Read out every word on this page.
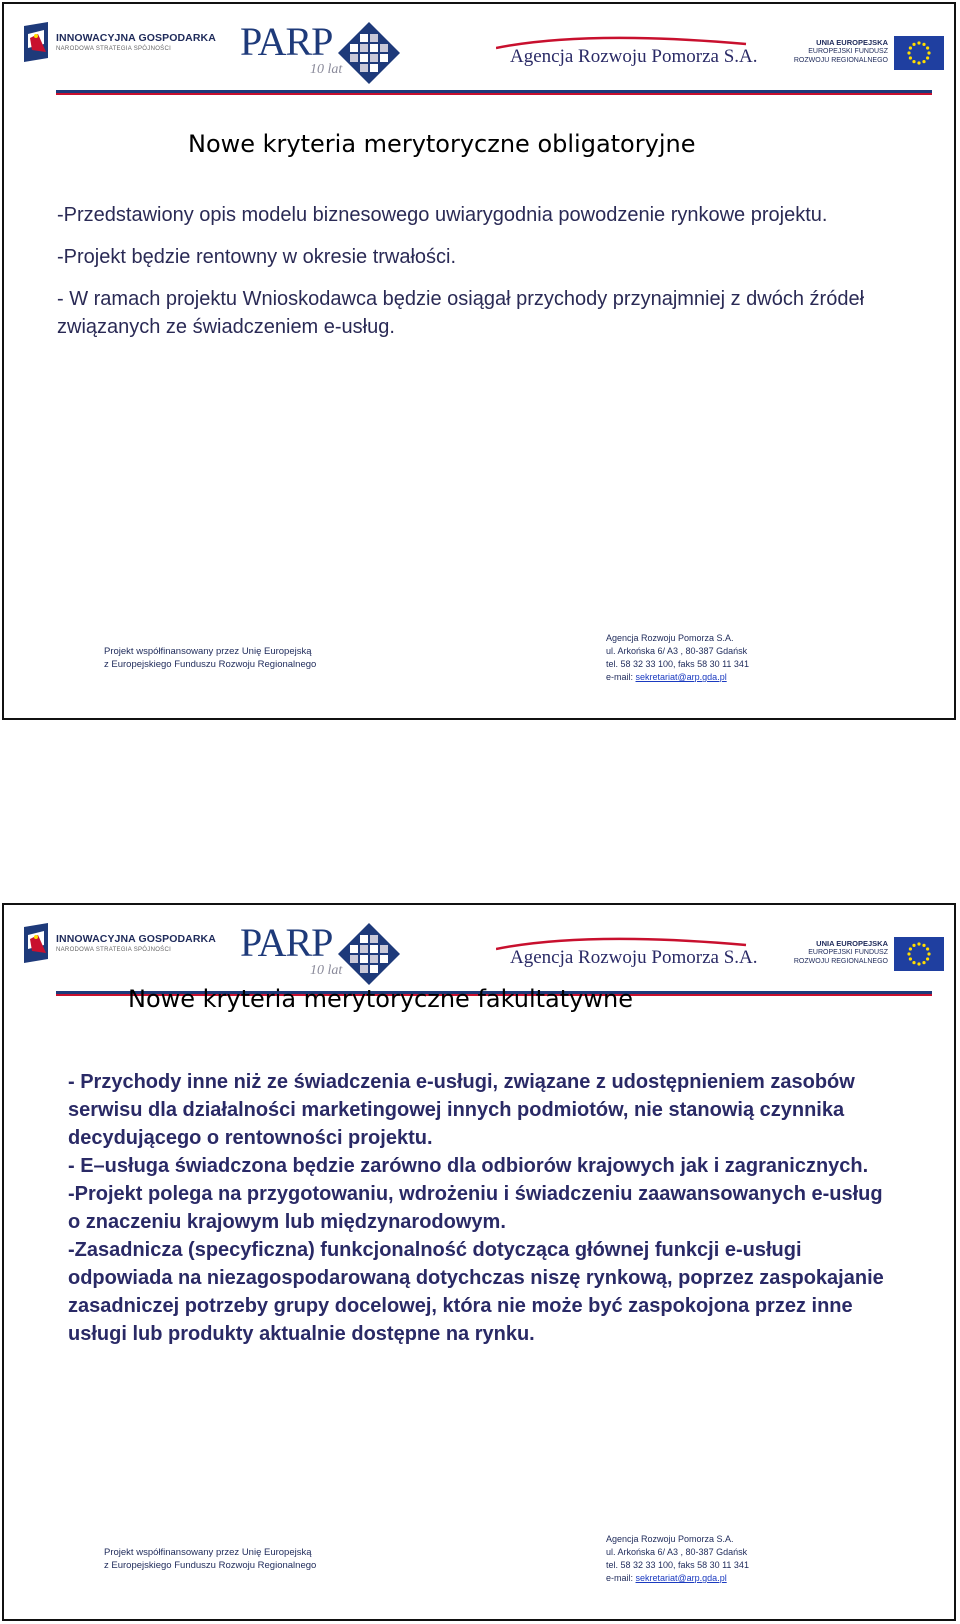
INNOWACYJNA GOSPODARKA
NARODOWA STRATEGIA SPÓJNOŚCI PARP
10 lat
Agencja Rozwoju Pomorza S.A.
UNIA EUROPEJSKA
EUROPEJSKI FUNDUSZ
ROZWOJU REGIONALNEGO
Nowe kryteria merytoryczne obligatoryjne

-Przedstawiony opis modelu biznesowego uwiarygodnia powodzenie rynkowe projektu.

-Projekt będzie rentowny w okresie trwałości.

- W ramach projektu Wnioskodawca będzie osiągał przychody przynajmniej z dwóch źródeł związanych ze świadczeniem e-usług.

Projekt współfinansowany przez Unię Europejską
z Europejskiego Funduszu Rozwoju Regionalnego
Agencja Rozwoju Pomorza S.A.
ul. Arkońska 6/ A3 , 80-387 Gdańsk
tel. 58 32 33 100, faks 58 30 11 341
e-mail: sekretariat@arp.gda.pl
INNOWACYJNA GOSPODARKA
NARODOWA STRATEGIA SPÓJNOŚCI PARP
10 lat
Agencja Rozwoju Pomorza S.A.
UNIA EUROPEJSKA
EUROPEJSKI FUNDUSZ
ROZWOJU REGIONALNEGO
Nowe kryteria merytoryczne fakultatywne

- Przychody inne niż ze świadczenia e-usługi, związane z udostępnieniem zasobów serwisu dla działalności marketingowej innych podmiotów, nie stanowią czynnika decydującego o rentowności projektu.

- E–usługa świadczona będzie zarówno dla odbiorów krajowych jak i zagranicznych.

-Projekt polega na przygotowaniu, wdrożeniu i świadczeniu zaawansowanych e-usług o znaczeniu krajowym lub międzynarodowym.

-Zasadnicza (specyficzna) funkcjonalność dotycząca głównej funkcji e-usługi odpowiada na niezagospodarowaną dotychczas niszę rynkową, poprzez zaspokajanie zasadniczej potrzeby grupy docelowej, która nie może być zaspokojona przez inne usługi lub produkty aktualnie dostępne na rynku.

Projekt współfinansowany przez Unię Europejską
z Europejskiego Funduszu Rozwoju Regionalnego
Agencja Rozwoju Pomorza S.A.
ul. Arkońska 6/ A3 , 80-387 Gdańsk
tel. 58 32 33 100, faks 58 30 11 341
e-mail: sekretariat@arp.gda.pl
